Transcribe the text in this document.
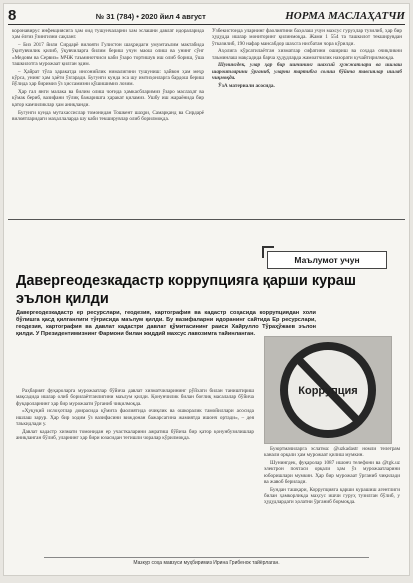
8	№ 31 (784) • 2020 йил 4 август	НОРМА МАСЛАҲАТЧИ

коронавирус инфекциясига ҳам оид тушунчаларни хам эслашни давлат идораларида ҳам ёлғиз ўзингизни сақланг.

– Биз 2017 йили Сирдарё вилояти Гулистон шаҳридаги умумтаълим мактабида ўқитувчилик қилиб, ўқувчиларга билим бериш учун маош олиш ва унинг сўнг «Медовм ва Сервиз» МЧЖ таъминотчиси каби ўзаро тортишув иш олиб бориш, ўша ташкилотга мурожаат қилган эдим.

– Ҳайрат тўла ҳаракатда инсонийлик нималигини тушуниш: ҳайвон ҳам меҳр кўрса, унинг ҳам ҳаёти ўзгаради. Бугунги кунда эса шу имтиҳонларга бардош бериш йўлида ҳар биримиз ўз ҳиссамизни қўшишимиз лозим.

Ҳар гал янги малака ва билим олиш чоғида ҳамкасбларимиз ўзаро маслаҳат ва кўмак бериб, вазифани тўлиқ бажаришга ҳаракат қиламиз. Ушбу иш жараёнида бир қатор камчиликлар ҳам аниқланди.

Бугунги кунда мутахассислар томонидан Тошкент шаҳри, Самарқанд ва Сирдарё вилоятларидаги маҳаллаларда шу каби текширувлар олиб борилмоқда.

Ўзбекистонда уларнинг фаолиятини баҳолаш учун махсус гуруҳлар тузилиб, ҳар бир ҳудудда ишлар мониторинг қилинмоқда. Жами 1 554 та ташкилот текширувдан ўтказилиб, 190 нафар мансабдор шахсга нисбатан чора кўрилди.

Аҳолига кўрсатилаётган хизматлар сифатини ошириш ва соҳада очиқликни таъминлаш мақсадида барча ҳудудларда жамоатчилик назорати кучайтирилмоқда.

Шунингдек, улар ҳар бир ишчининг шахсий ҳужжатлари ва ишлаш шароитларини ўрганиб, уларни тартибга солиш бўйича тавсиялар ишлаб чиқмоқда.

ЎзА материали асосида.

Маълумот учун
Давергеодезкадастр коррупцияга қарши кураш эълон қилди
Давергеодезкадастр ер ресурслари, геодезия, картография ва кадастр соҳасида коррупциядан холи бўлишга қасд қилганлиги тўғрисида маълум қилди. Бу вазифаларни идоранинг сайтида Ер ресурслари, геодезия, картография ва давлат кадастри давлат қўмитасининг раиси Хайрулло Тўраҳўжаев эълон қилди. У Президентимизнинг Фармони билан жиддий махсус лавозимга тайинланган.

Раҳбарият фуқароларга мурожаатлар бўйича давлат хизматчиларининг рўйхати билан таништириш мақсадида ишлар олиб борилаётганлигини маълум қилди. Қонунчилик билан боғлиқ масалалар бўйича фуқароларнинг ҳар бир мурожаати ўрганиб чиқилмоқда.

«Ҳуқуқий ислоҳотлар доирасида қўмита фаолиятида очиқлик ва ошкоралик тамойиллари асосида ишлаш зарур. Ҳар бир ходим ўз вазифасини виждонан бажарсагина жамиятда ишонч ортади», – дея таъкидлади у.

Давлат кадастр хизмати томонидан ер участкаларини ажратиш бўйича бир қатор қонунбузилишлар аниқланган бўлиб, уларнинг ҳар бири юзасидан тегишли чоралар кўрилмоқда.

Коррупция

Буюртмачиларга эслатма: @uzkadastr номли телеграм канали орқали ҳам мурожаат қилиш мумкин.

Шунингдек, фуқаролар 1087 ишонч телефони ва @tgk.uz электрон почтаси орқали ҳам ўз мурожаатларини юборишлари мумкин. Ҳар бир мурожаат ўрганиб чиқилади ва жавоб берилади.

Бундан ташқари, Коррупцияга қарши курашиш агентлиги билан ҳамкорликда маҳсус ишчи гуруҳ тузилган бўлиб, у ҳудудлардаги ҳолатни ўрганиб бормоқда.

Мазкур соҳа мавзуси муҳбиримиз Ирина Грибенок тайёрлаган.
